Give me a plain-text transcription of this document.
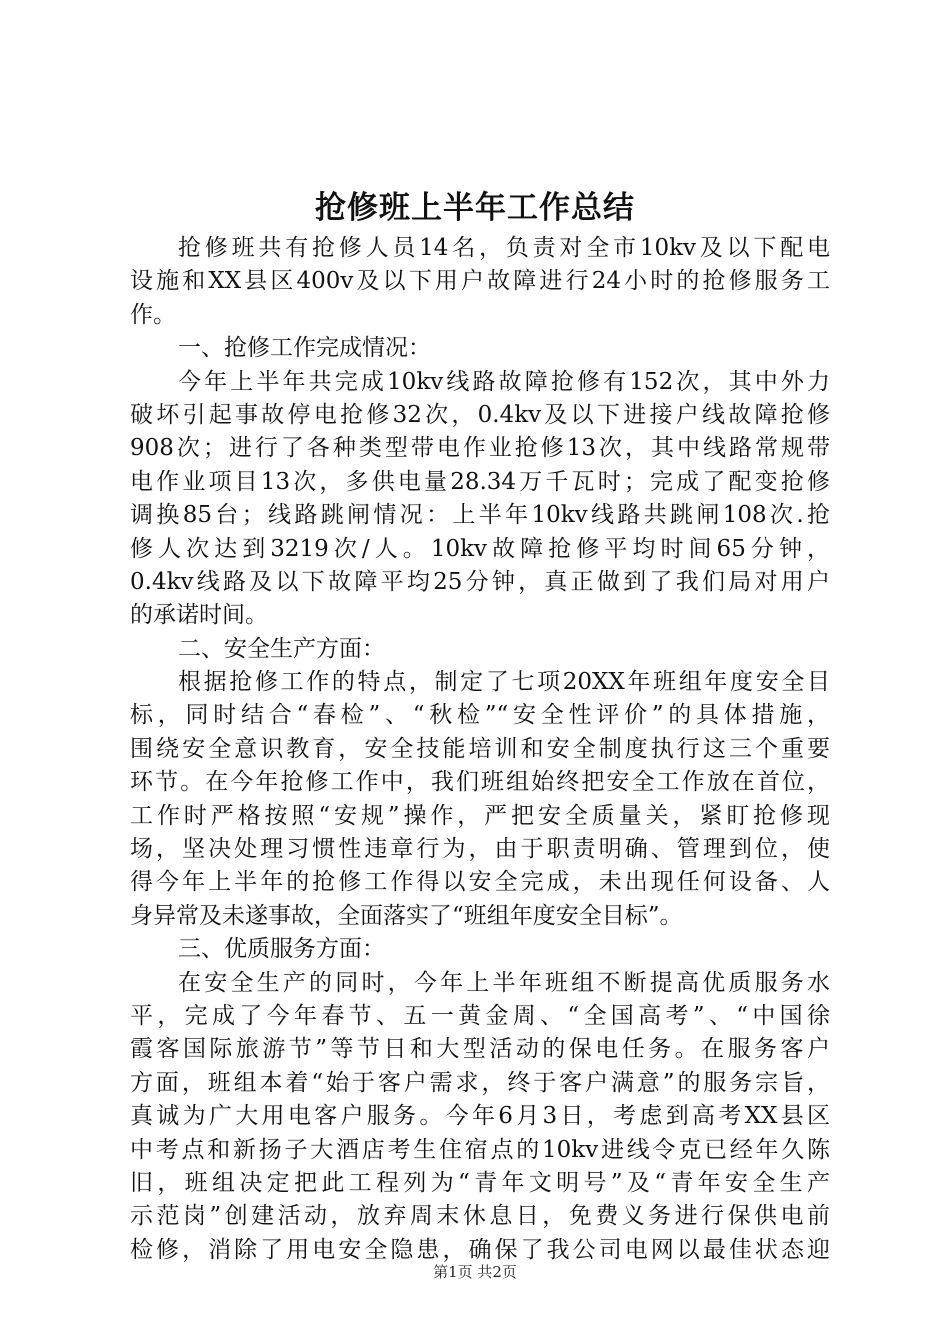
抢修班上半年工作总结
抢修班共有抢修人员14名，负责对全市10kv及以下配电
设施和XX县区400v及以下用户故障进行24小时的抢修服务工
作。
一、抢修工作完成情况：
今年上半年共完成10kv线路故障抢修有152次，其中外力
破坏引起事故停电抢修32次，0.4kv及以下进接户线故障抢修
908次；进行了各种类型带电作业抢修13次，其中线路常规带
电作业项目13次，多供电量28.34万千瓦时；完成了配变抢修
调换85台；线路跳闸情况：上半年10kv线路共跳闸108次.抢
修人次达到3219次/人。10kv故障抢修平均时间65分钟，
0.4kv线路及以下故障平均25分钟，真正做到了我们局对用户
的承诺时间。
二、安全生产方面：
根据抢修工作的特点，制定了七项20XX年班组年度安全目
标，同时结合“春检”、“秋检”“安全性评价”的具体措施，
围绕安全意识教育，安全技能培训和安全制度执行这三个重要
环节。在今年抢修工作中，我们班组始终把安全工作放在首位，
工作时严格按照“安规”操作，严把安全质量关，紧盯抢修现
场，坚决处理习惯性违章行为，由于职责明确、管理到位，使
得今年上半年的抢修工作得以安全完成，未出现任何设备、人
身异常及未遂事故，全面落实了“班组年度安全目标”。
三、优质服务方面：
在安全生产的同时，今年上半年班组不断提高优质服务水
平，完成了今年春节、五一黄金周、“全国高考”、“中国徐
霞客国际旅游节”等节日和大型活动的保电任务。在服务客户
方面，班组本着“始于客户需求，终于客户满意”的服务宗旨，
真诚为广大用电客户服务。今年6月3日，考虑到高考XX县区
中考点和新扬子大酒店考生住宿点的10kv进线令克已经年久陈
旧，班组决定把此工程列为“青年文明号”及“青年安全生产
示范岗”创建活动，放弃周末休息日，免费义务进行保供电前
检修，消除了用电安全隐患，确保了我公司电网以最佳状态迎
第1页 共2页
